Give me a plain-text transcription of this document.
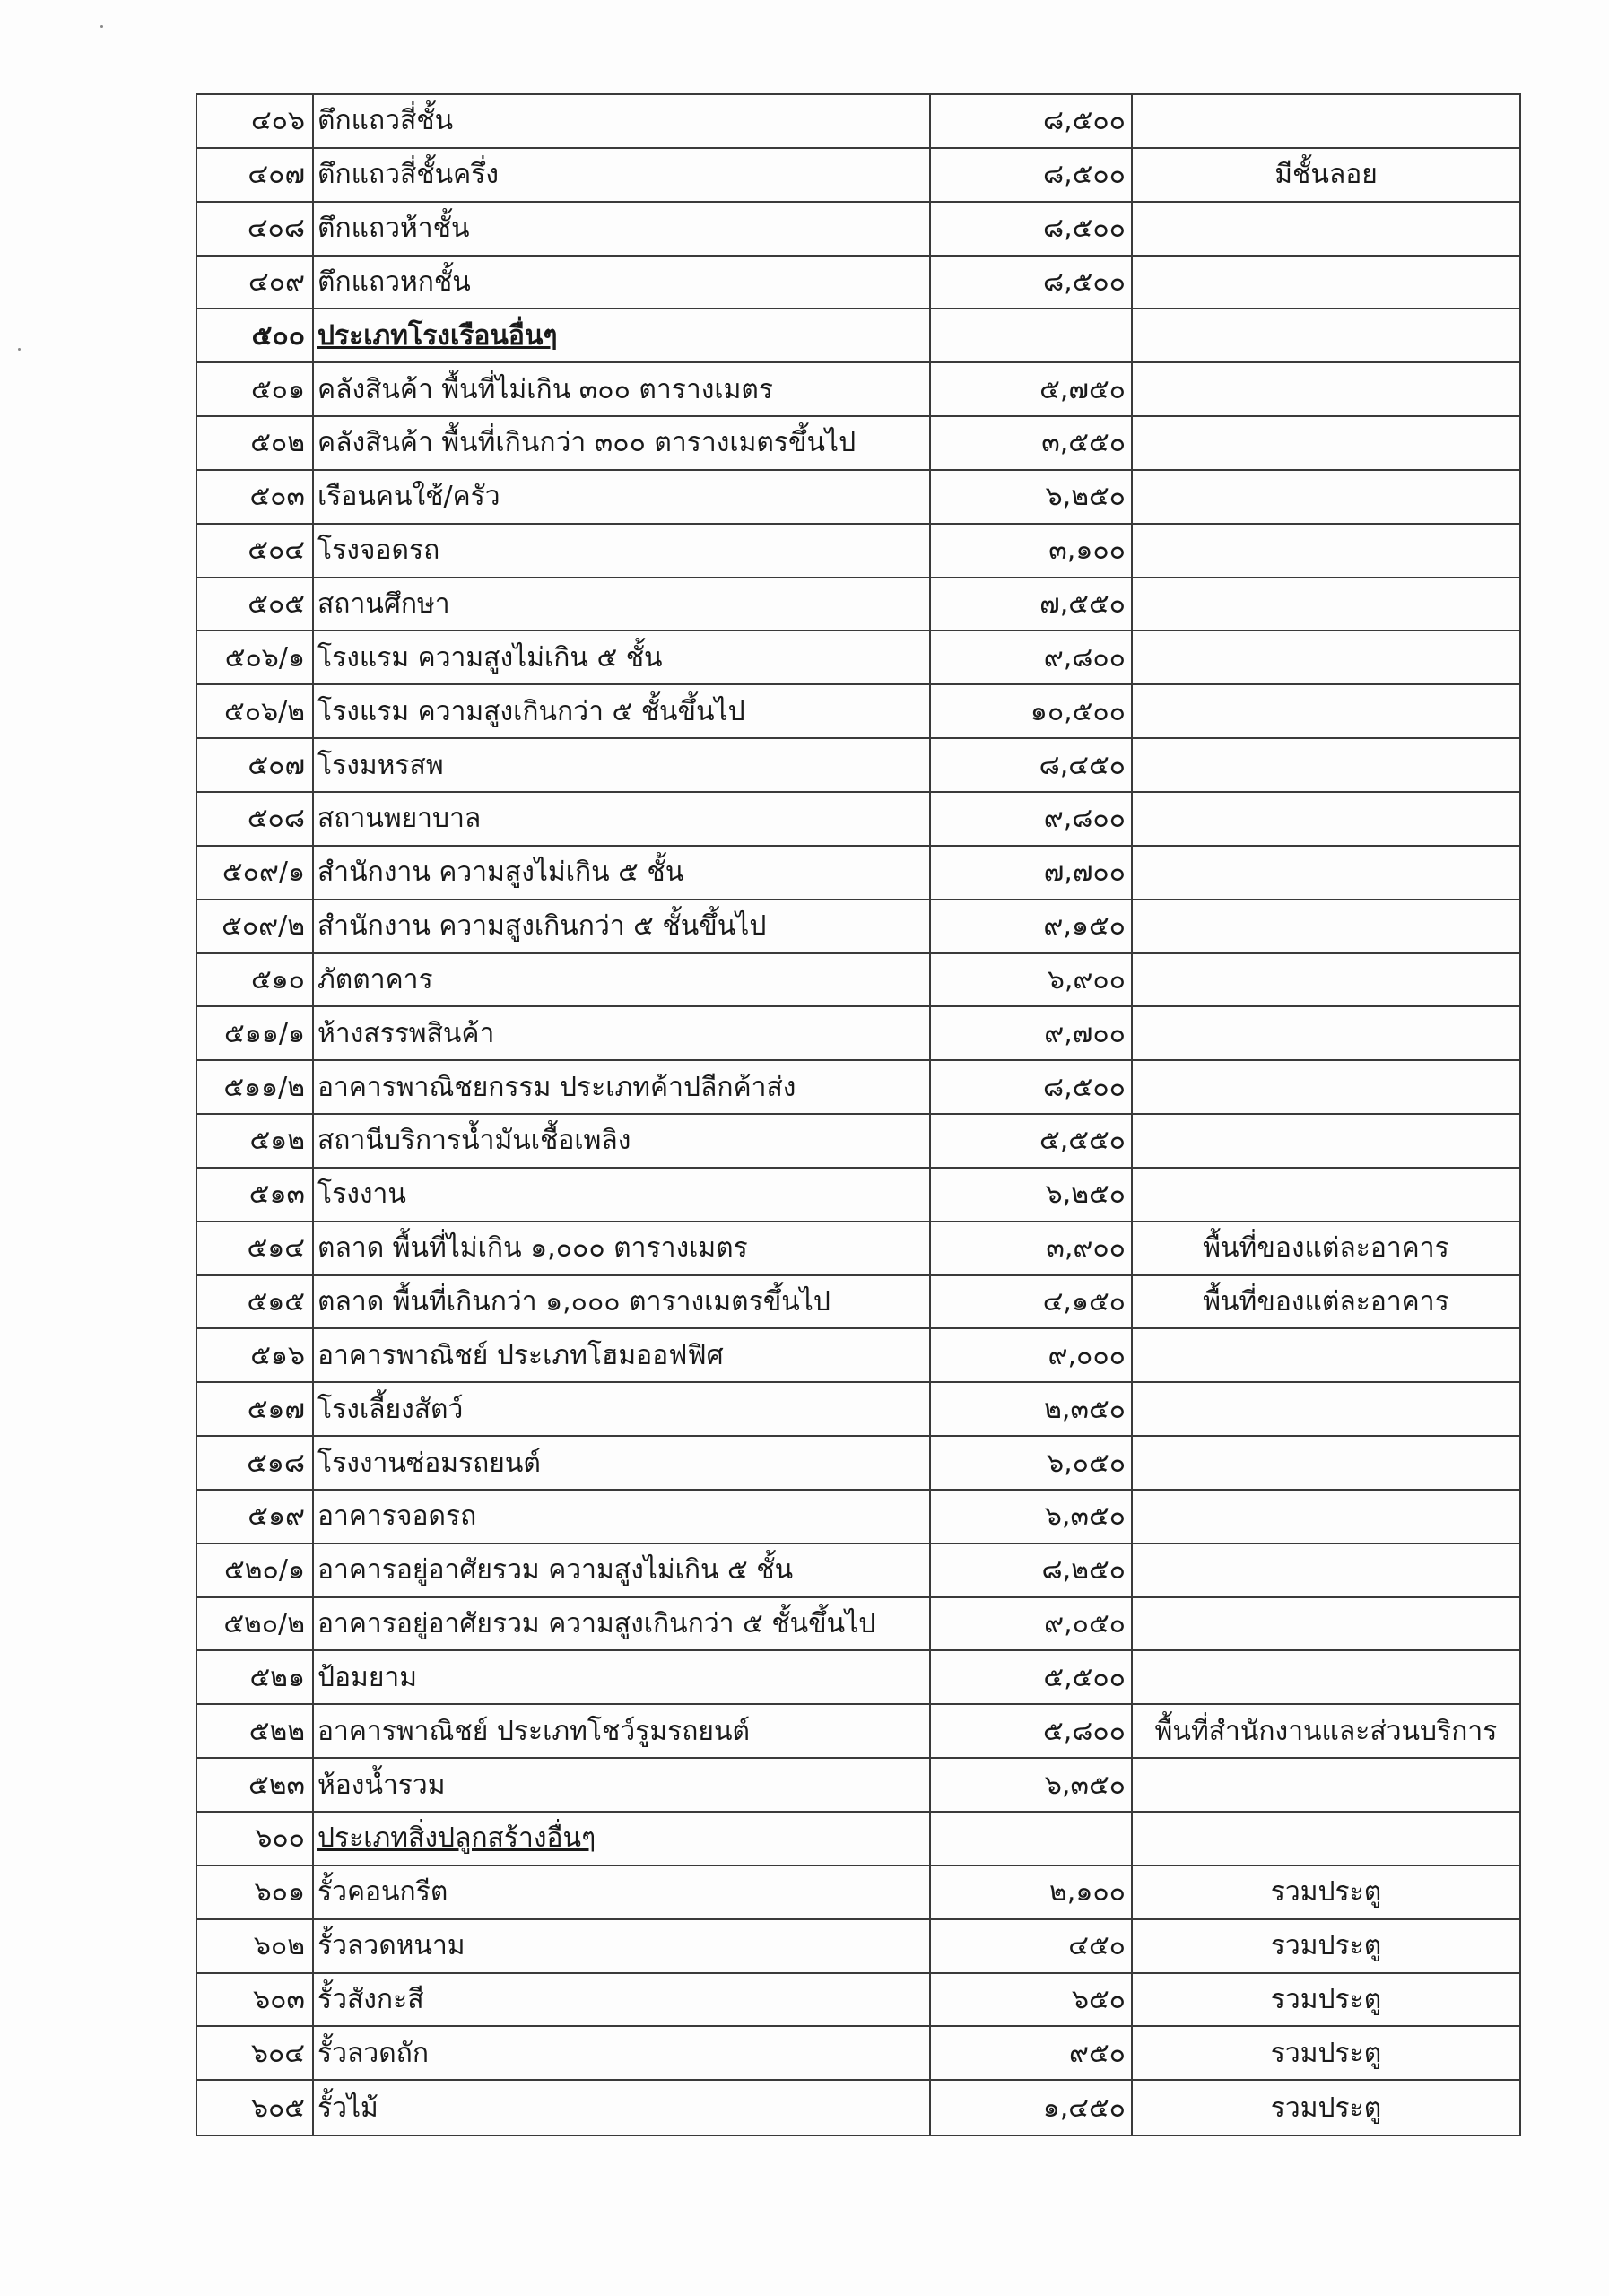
๔๐๖ ตึกแถวสี่ชั้น	๘,๕๐๐
๔๐๗ ตึกแถวสี่ชั้นครึ่ง	๘,๕๐๐	มีชั้นลอย
๔๐๘ ตึกแถวห้าชั้น	๘,๕๐๐
๔๐๙ ตึกแถวหกชั้น	๘,๕๐๐
๕๐๐ ประเภทโรงเรือนอื่นๆ
๕๐๑ คลังสินค้า พื้นที่ไม่เกิน ๓๐๐ ตารางเมตร	๕,๗๕๐
๕๐๒ คลังสินค้า พื้นที่เกินกว่า ๓๐๐ ตารางเมตรขึ้นไป	๓,๕๕๐
๕๐๓ เรือนคนใช้/ครัว	๖,๒๕๐
๕๐๔ โรงจอดรถ	๓,๑๐๐
๕๐๕ สถานศึกษา	๗,๕๕๐
๕๐๖/๑ โรงแรม ความสูงไม่เกิน ๕ ชั้น	๙,๘๐๐
๕๐๖/๒ โรงแรม ความสูงเกินกว่า ๕ ชั้นขึ้นไป	๑๐,๕๐๐
๕๐๗ โรงมหรสพ	๘,๔๕๐
๕๐๘ สถานพยาบาล	๙,๘๐๐
๕๐๙/๑ สำนักงาน ความสูงไม่เกิน ๕ ชั้น	๗,๗๐๐
๕๐๙/๒ สำนักงาน ความสูงเกินกว่า ๕ ชั้นขึ้นไป	๙,๑๕๐
๕๑๐ ภัตตาคาร	๖,๙๐๐
๕๑๑/๑ ห้างสรรพสินค้า	๙,๗๐๐
๕๑๑/๒ อาคารพาณิชยกรรม ประเภทค้าปลีกค้าส่ง	๘,๕๐๐
๕๑๒ สถานีบริการน้ำมันเชื้อเพลิง	๕,๕๕๐
๕๑๓ โรงงาน	๖,๒๕๐
๕๑๔ ตลาด พื้นที่ไม่เกิน ๑,๐๐๐ ตารางเมตร	๓,๙๐๐	พื้นที่ของแต่ละอาคาร
๕๑๕ ตลาด พื้นที่เกินกว่า ๑,๐๐๐ ตารางเมตรขึ้นไป	๔,๑๕๐	พื้นที่ของแต่ละอาคาร
๕๑๖ อาคารพาณิชย์ ประเภทโฮมออฟฟิศ	๙,๐๐๐
๕๑๗ โรงเลี้ยงสัตว์	๒,๓๕๐
๕๑๘ โรงงานซ่อมรถยนต์	๖,๐๕๐
๕๑๙ อาคารจอดรถ	๖,๓๕๐
๕๒๐/๑ อาคารอยู่อาศัยรวม ความสูงไม่เกิน ๕ ชั้น	๘,๒๕๐
๕๒๐/๒ อาคารอยู่อาศัยรวม ความสูงเกินกว่า ๕ ชั้นขึ้นไป	๙,๐๕๐
๕๒๑ ป้อมยาม	๕,๕๐๐
๕๒๒ อาคารพาณิชย์ ประเภทโชว์รูมรถยนต์	๕,๘๐๐	พื้นที่สำนักงานและส่วนบริการ
๕๒๓ ห้องน้ำรวม	๖,๓๕๐
๖๐๐ ประเภทสิ่งปลูกสร้างอื่นๆ
๖๐๑ รั้วคอนกรีต	๒,๑๐๐	รวมประตู
๖๐๒ รั้วลวดหนาม	๔๕๐	รวมประตู
๖๐๓ รั้วสังกะสี	๖๕๐	รวมประตู
๖๐๔ รั้วลวดถัก	๙๕๐	รวมประตู
๖๐๕ รั้วไม้	๑,๔๕๐	รวมประตู
